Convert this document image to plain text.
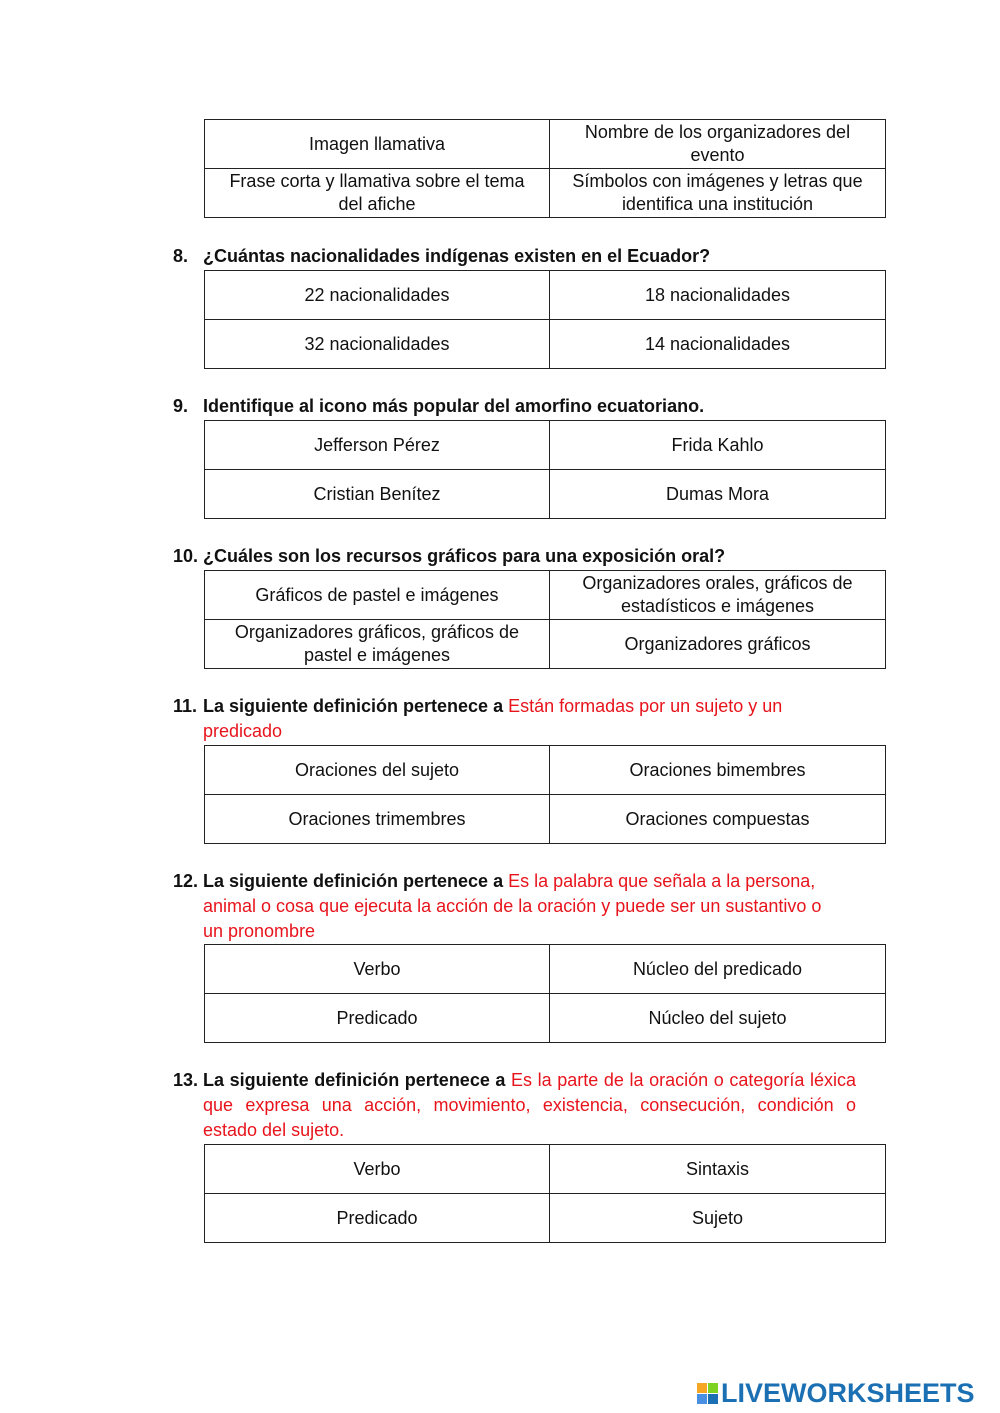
Imagen llamativa	Nombre de los organizadores del evento
Frase corta y llamativa sobre el tema del afiche	Símbolos con imágenes y letras que identifica una institución
8. ¿Cuántas nacionalidades indígenas existen en el Ecuador?
22 nacionalidades	18 nacionalidades
32 nacionalidades	14 nacionalidades
9. Identifique al icono más popular del amorfino ecuatoriano.
Jefferson Pérez	Frida Kahlo
Cristian Benítez	Dumas Mora
10. ¿Cuáles son los recursos gráficos para una exposición oral?
Gráficos de pastel e imágenes	Organizadores orales, gráficos de estadísticos e imágenes
Organizadores gráficos, gráficos de pastel e imágenes	Organizadores gráficos
11. La siguiente definición pertenece a Están formadas por un sujeto y un predicado
Oraciones del sujeto	Oraciones bimembres
Oraciones trimembres	Oraciones compuestas
12. La siguiente definición pertenece a Es la palabra que señala a la persona, animal o cosa que ejecuta la acción de la oración y puede ser un sustantivo o un pronombre
Verbo	Núcleo del predicado
Predicado	Núcleo del sujeto
13. La siguiente definición pertenece a Es la parte de la oración o categoría léxica que expresa una acción, movimiento, existencia, consecución, condición o estado del sujeto.
Verbo	Sintaxis
Predicado	Sujeto
LIVEWORKSHEETS
